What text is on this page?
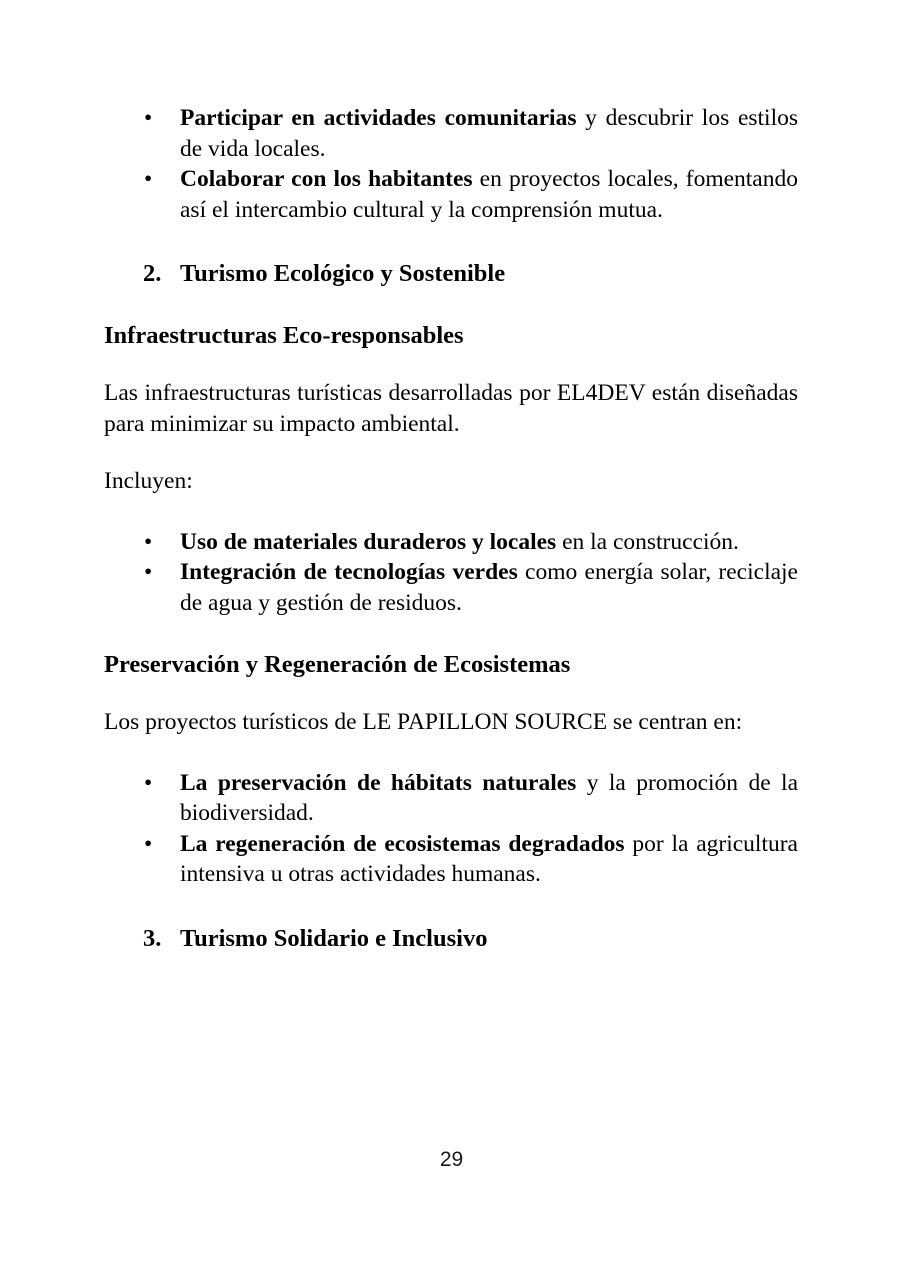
• Participar en actividades comunitarias y descubrir los estilos de vida locales.
• Colaborar con los habitantes en proyectos locales, fomentando así el intercambio cultural y la comprensión mutua.
2. Turismo Ecológico y Sostenible
Infraestructuras Eco-responsables

Las infraestructuras turísticas desarrolladas por EL4DEV están diseñadas para minimizar su impacto ambiental.

Incluyen:

• Uso de materiales duraderos y locales en la construcción.
• Integración de tecnologías verdes como energía solar, reciclaje de agua y gestión de residuos.
Preservación y Regeneración de Ecosistemas

Los proyectos turísticos de LE PAPILLON SOURCE se centran en:

• La preservación de hábitats naturales y la promoción de la biodiversidad.
• La regeneración de ecosistemas degradados por la agricultura intensiva u otras actividades humanas.
3. Turismo Solidario e Inclusivo
29
